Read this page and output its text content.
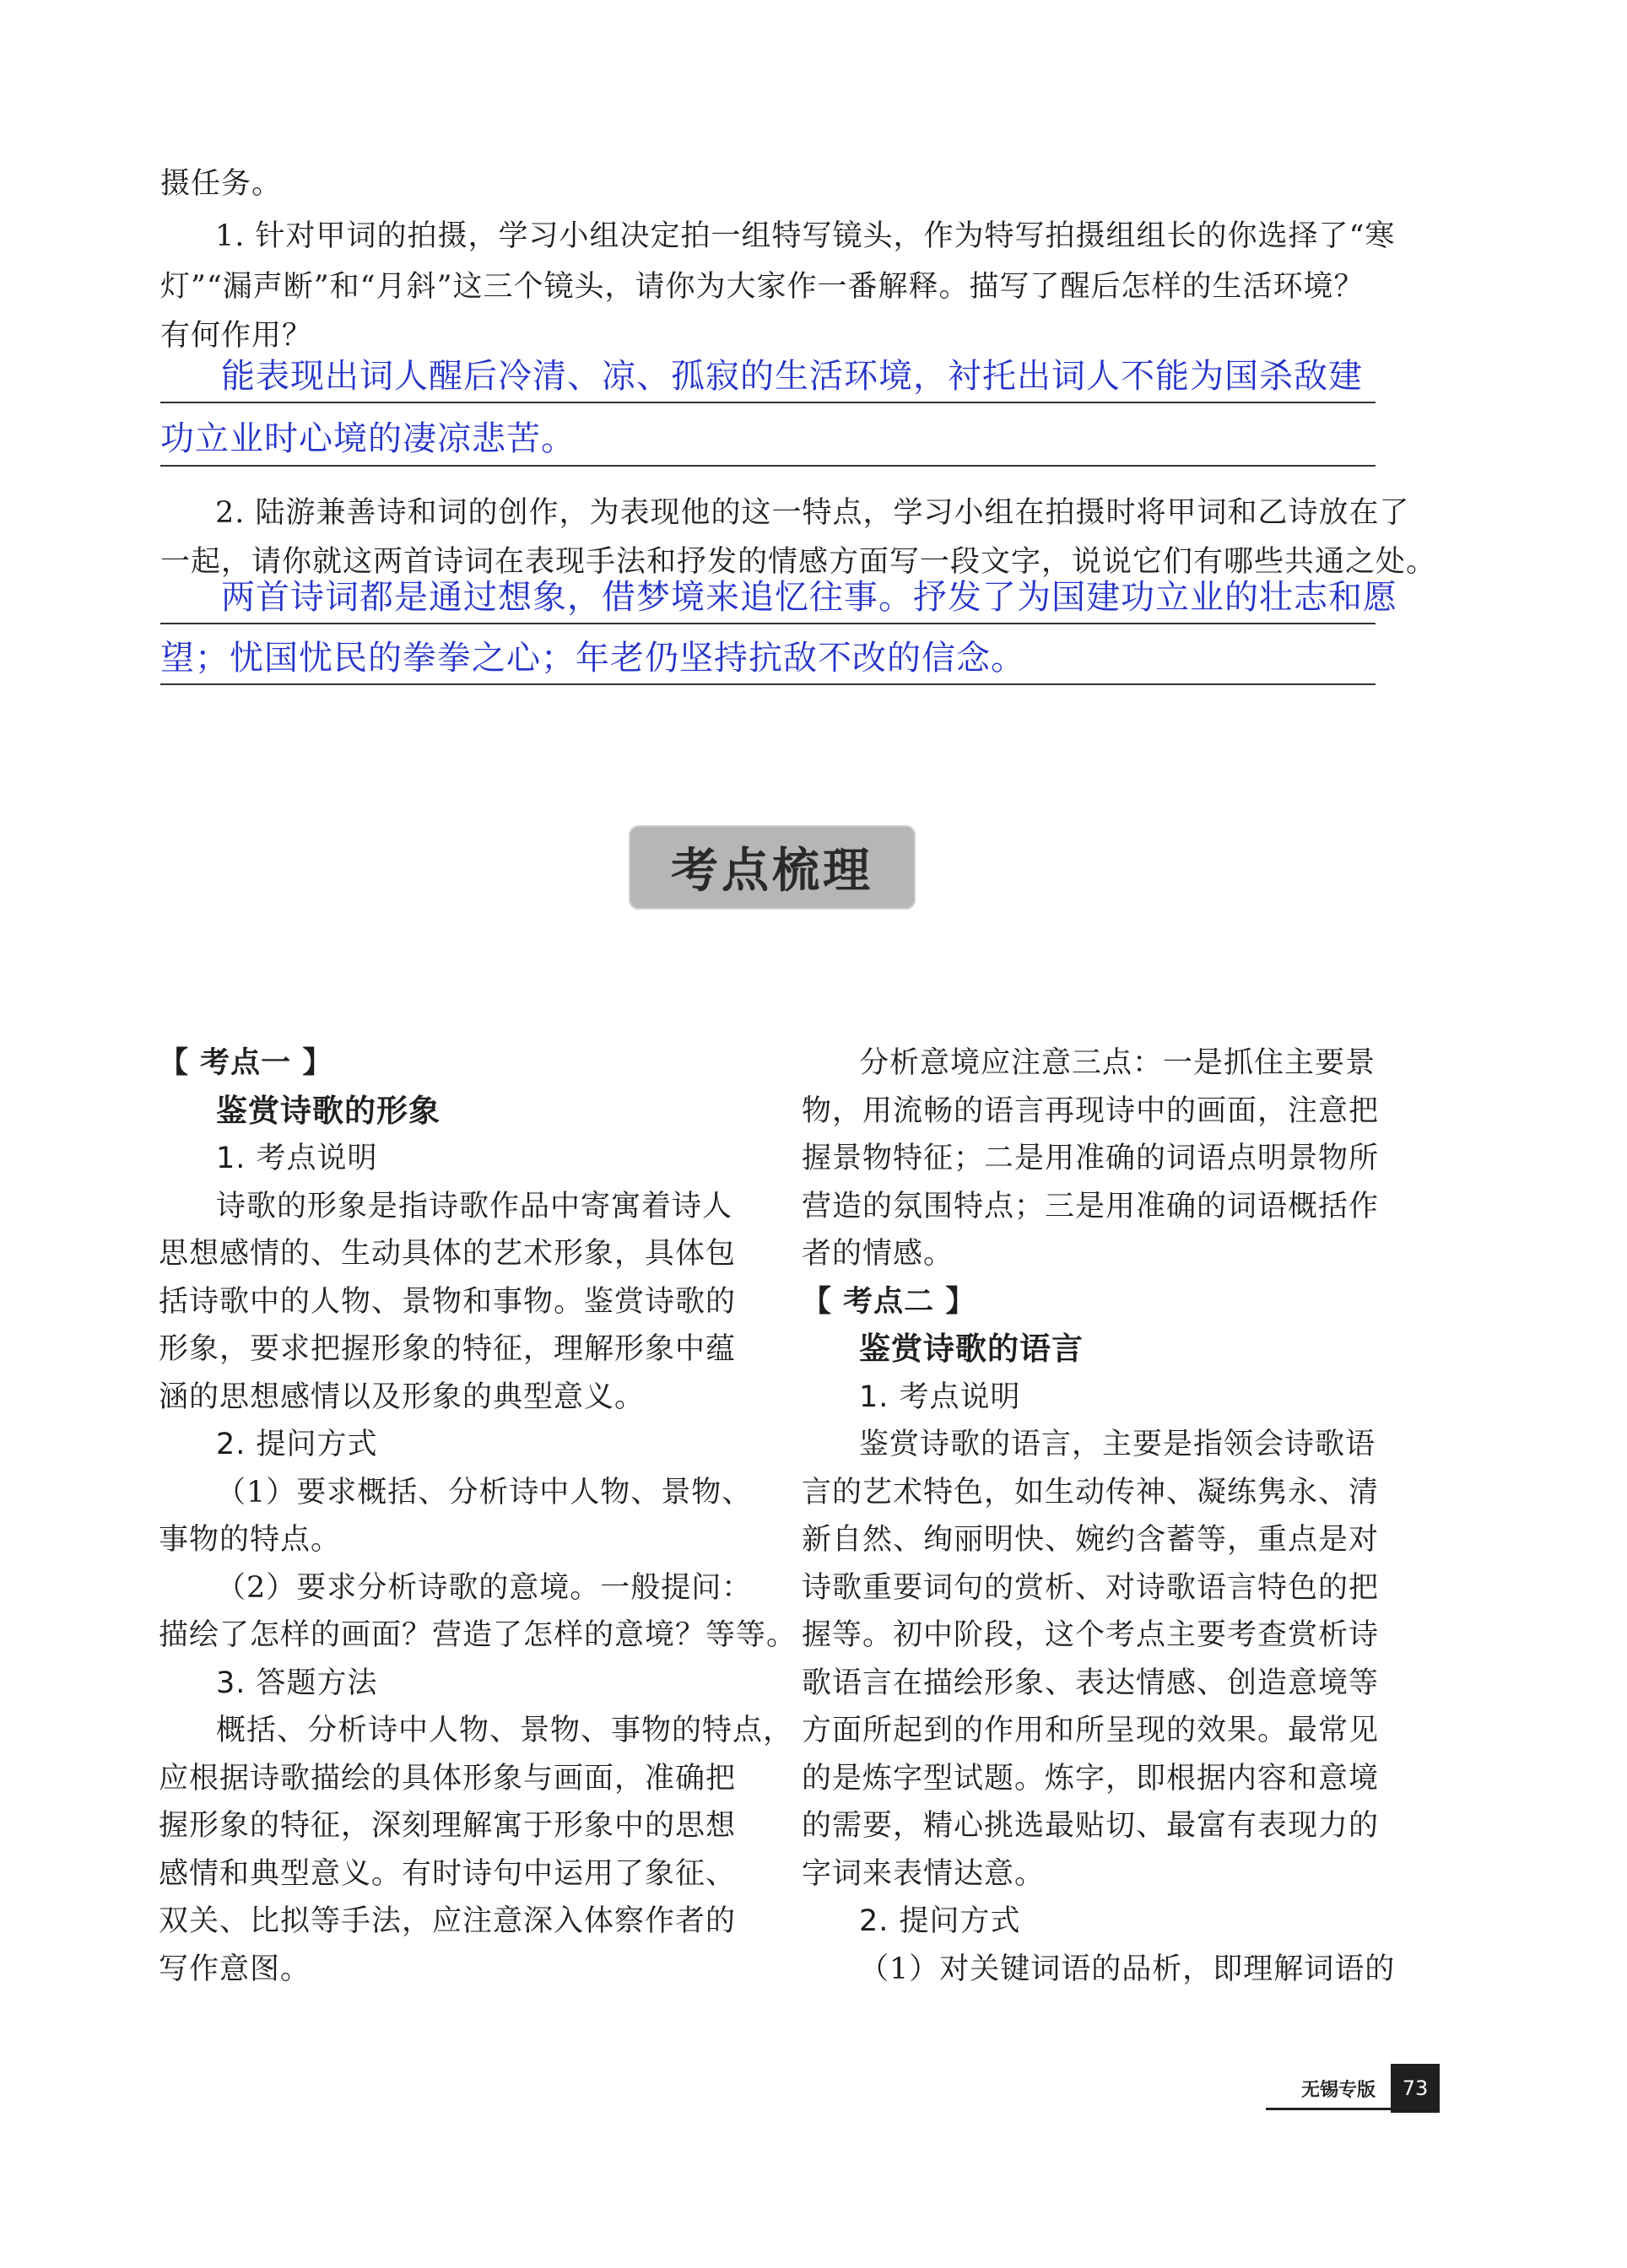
摄任务。
1. 针对甲词的拍摄，学习小组决定拍一组特写镜头，作为特写拍摄组组长的你选择了“寒
灯”“漏声断”和“月斜”这三个镜头，请你为大家作一番解释。描写了醒后怎样的生活环境？
有何作用？
能表现出词人醒后冷清、凉、孤寂的生活环境，衬托出词人不能为国杀敌建
功立业时心境的凄凉悲苦。
2. 陆游兼善诗和词的创作，为表现他的这一特点，学习小组在拍摄时将甲词和乙诗放在了
一起，请你就这两首诗词在表现手法和抒发的情感方面写一段文字，说说它们有哪些共通之处。
两首诗词都是通过想象，借梦境来追忆往事。抒发了为国建功立业的壮志和愿
望；忧国忧民的拳拳之心；年老仍坚持抗敌不改的信念。
考点梳理
【 考点一 】
鉴赏诗歌的形象
1. 考点说明
诗歌的形象是指诗歌作品中寄寓着诗人
思想感情的、生动具体的艺术形象，具体包
括诗歌中的人物、景物和事物。鉴赏诗歌的
形象，要求把握形象的特征，理解形象中蕴
涵的思想感情以及形象的典型意义。
2. 提问方式
（1）要求概括、分析诗中人物、景物、
事物的特点。
（2）要求分析诗歌的意境。一般提问：
描绘了怎样的画面？营造了怎样的意境？等等。
3. 答题方法
概括、分析诗中人物、景物、事物的特点，
应根据诗歌描绘的具体形象与画面，准确把
握形象的特征，深刻理解寓于形象中的思想
感情和典型意义。有时诗句中运用了象征、
双关、比拟等手法，应注意深入体察作者的
写作意图。
分析意境应注意三点：一是抓住主要景
物，用流畅的语言再现诗中的画面，注意把
握景物特征；二是用准确的词语点明景物所
营造的氛围特点；三是用准确的词语概括作
者的情感。
【 考点二 】
鉴赏诗歌的语言
1. 考点说明
鉴赏诗歌的语言，主要是指领会诗歌语
言的艺术特色，如生动传神、凝练隽永、清
新自然、绚丽明快、婉约含蓄等，重点是对
诗歌重要词句的赏析、对诗歌语言特色的把
握等。初中阶段，这个考点主要考查赏析诗
歌语言在描绘形象、表达情感、创造意境等
方面所起到的作用和所呈现的效果。最常见
的是炼字型试题。炼字，即根据内容和意境
的需要，精心挑选最贴切、最富有表现力的
字词来表情达意。
2. 提问方式
（1）对关键词语的品析，即理解词语的
无锡专版	73
